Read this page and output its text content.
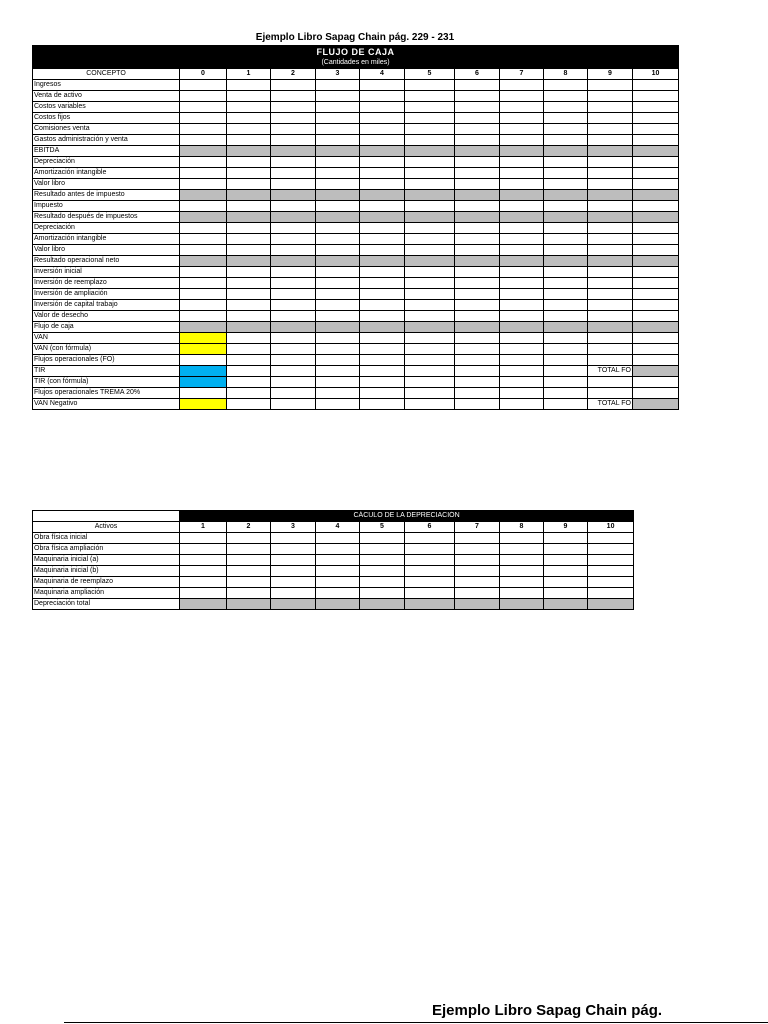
Ejemplo Libro Sapag Chain pág. 229 - 231
FLUJO DE CAJA											
(Cantidades en miles)											
CONCEPTO	0	1	2	3	4	5	6	7	8	9	10
Ingresos											
Venta de activo											
Costos variables											
Costos fijos											
Comisiones venta											
Gastos administración y venta											
EBITDA											
Depreciación											
Amortización intangible											
Valor libro											
Resultado antes de impuesto											
Impuesto											
Resultado después de impuestos											
Depreciación											
Amortización intangible											
Valor libro											
Resultado operacional neto											
Inversión inicial											
Inversión de reemplazo											
Inversión de ampliación											
Inversión de capital trabajo											
Valor de desecho											
Flujo de caja											
VAN											
VAN (con fórmula)											
Flujos operacionales (FO)											
TIR										TOTAL FO	
TIR (con fórmula)											
Flujos operacionales TREMA 20%											
VAN Negativo										TOTAL FO	
	CÁCULO DE LA DEPRECIACIÓN									
Activos	1	2	3	4	5	6	7	8	9	10
Obra física inicial										
Obra física ampliación										
Maquinaria inicial (a)										
Maquinaria inicial (b)										
Maquinaria de reemplazo										
Maquinaria ampliación										
Depreciación total										
Ejemplo Libro Sapag Chain pág.
